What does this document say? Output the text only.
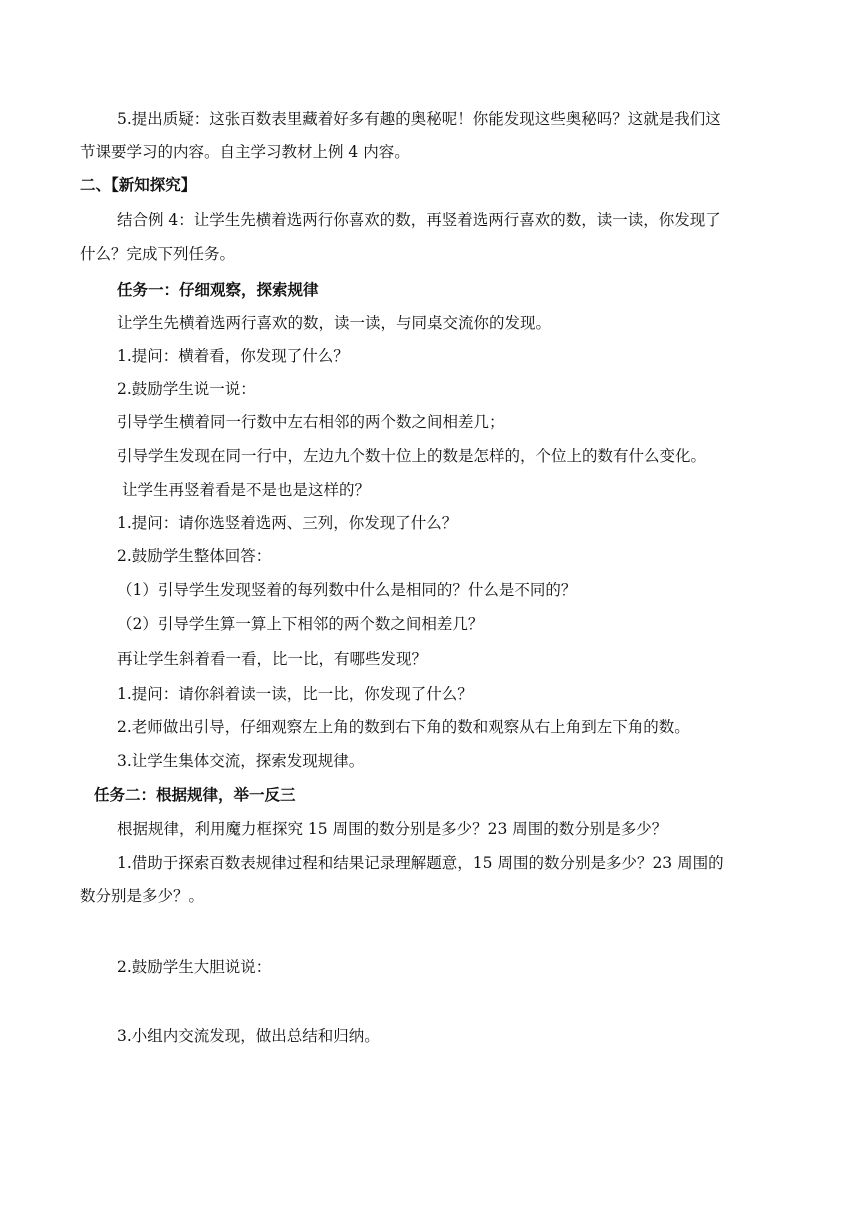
5.提出质疑：这张百数表里藏着好多有趣的奥秘呢！你能发现这些奥秘吗？这就是我们这
节课要学习的内容。自主学习教材上例 4 内容。
二、【新知探究】
结合例 4：让学生先横着选两行你喜欢的数，再竖着选两行喜欢的数，读一读，你发现了
什么？完成下列任务。
任务一：仔细观察，探索规律
让学生先横着选两行喜欢的数，读一读，与同桌交流你的发现。
1.提问：横着看，你发现了什么？
2.鼓励学生说一说：
引导学生横着同一行数中左右相邻的两个数之间相差几；
引导学生发现在同一行中，左边九个数十位上的数是怎样的，个位上的数有什么变化。
让学生再竖着看是不是也是这样的？
1.提问：请你选竖着选两、三列，你发现了什么？
2.鼓励学生整体回答：
（1）引导学生发现竖着的每列数中什么是相同的？什么是不同的？
（2）引导学生算一算上下相邻的两个数之间相差几？
再让学生斜着看一看，比一比，有哪些发现？
1.提问：请你斜着读一读，比一比，你发现了什么？
2.老师做出引导，仔细观察左上角的数到右下角的数和观察从右上角到左下角的数。
3.让学生集体交流，探索发现规律。
任务二：根据规律，举一反三
根据规律，利用魔力框探究 15 周围的数分别是多少？23 周围的数分别是多少？
1.借助于探索百数表规律过程和结果记录理解题意，15 周围的数分别是多少？23 周围的
数分别是多少？。
2.鼓励学生大胆说说：
3.小组内交流发现，做出总结和归纳。
